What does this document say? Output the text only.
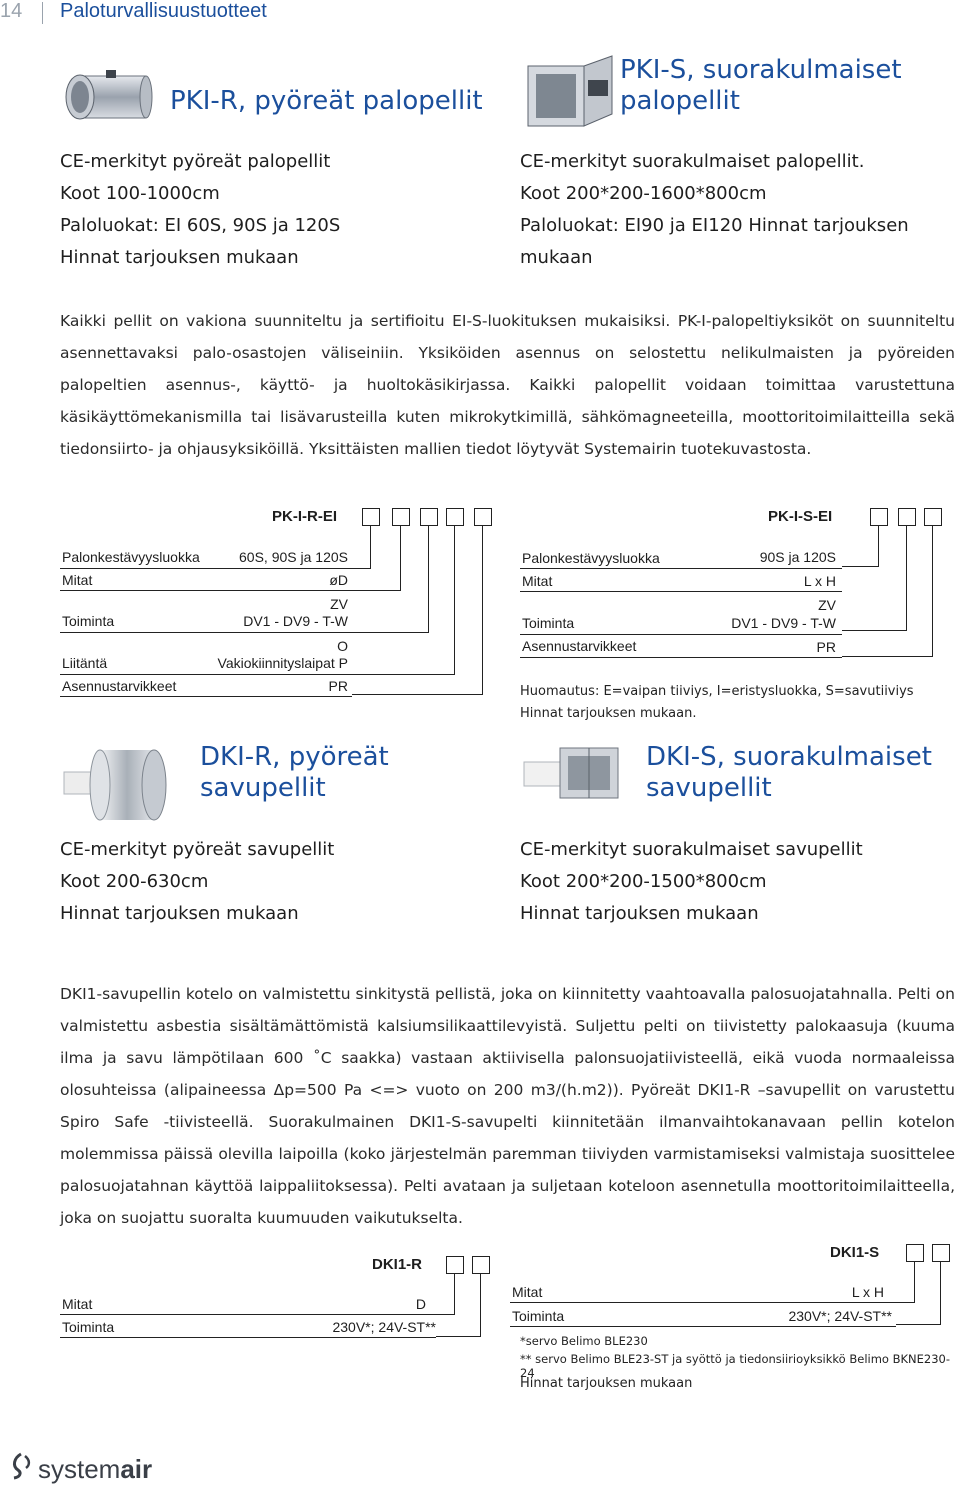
14 Paloturvallisuustuotteet
PKI-R, pyöreät palopellit
PKI-S, suorakulmaiset
palopellit
CE-merkityt pyöreät palopellit
Koot 100-1000cm
Paloluokat: EI 60S, 90S ja 120S
Hinnat tarjouksen mukaan
CE-merkityt suorakulmaiset palopellit.
Koot 200*200-1600*800cm
Paloluokat: EI90 ja EI120 Hinnat tarjouksen
mukaan

Kaikki pellit on vakiona suunniteltu ja sertifioitu EI-S-luokituksen mukaisiksi. PK-I-palopeltiyksiköt on suunniteltu asennettavaksi palo-osastojen väliseiniin. Yksiköiden asennus on selostettu nelikulmaisten ja pyöreiden palopeltien asennus-, käyttö- ja huoltokäsikirjassa. Kaikki palopellit voidaan toimittaa varustettuna käsikäyttömekanismilla tai lisävarusteilla kuten mikrokytkimillä, sähkömagneeteilla, moottoritoimilaitteilla sekä tiedonsiirto- ja ohjausyksiköillä. Yksittäisten mallien tiedot löytyvät Systemairin tuotekuvastosta.

PK-I-R-EI
Palonkestävyysluokka	60S, 90S ja 120S
Mitat	øD
ZV
Toiminta	DV1 - DV9 - T-W
O
Liitäntä	Vakiokiinnityslaipat P
Asennustarvikkeet	PR
PK-I-S-EI
Palonkestävyysluokka	90S ja 120S
Mitat	L x H
ZV
Toiminta	DV1 - DV9 - T-W
Asennustarvikkeet	PR
Huomautus: E=vaipan tiiviys, I=eristysluokka, S=savutiiviys
Hinnat tarjouksen mukaan.
DKI-R, pyöreät
savupellit
DKI-S, suorakulmaiset
savupellit
CE-merkityt pyöreät savupellit
Koot 200-630cm
Hinnat tarjouksen mukaan
CE-merkityt suorakulmaiset savupellit
Koot 200*200-1500*800cm
Hinnat tarjouksen mukaan

DKI1-savupellin kotelo on valmistettu sinkitystä pellistä, joka on kiinnitetty vaahtoavalla palosuojatahnalla. Pelti on valmistettu asbestia sisältämättömistä kalsiumsilikaattilevyistä. Suljettu pelti on tiivistetty palokaasuja (kuuma ilma ja savu lämpötilaan 600 ˚C saakka) vastaan aktiivisella palonsuojatiivisteellä, eikä vuoda normaaleissa olosuhteissa (alipaineessa Δp=500 Pa <=> vuoto on 200 m3/(h.m2)). Pyöreät DKI1-R –savupellit on varustettu Spiro Safe -tiivisteellä. Suorakulmainen DKI1-S-savupelti kiinnitetään ilmanvaihtokanavaan pellin kotelon molemmissa päissä olevilla laipoilla (koko järjestelmän paremman tiiviyden varmistamiseksi valmistaja suosittelee palosuojatahnan käyttöä laippaliitoksessa). Pelti avataan ja suljetaan koteloon asennetulla moottoritoimilaitteella, joka on suojattu suoralta kuumuuden vaikutukselta.

DKI1-R
Mitat	D
Toiminta	230V*; 24V-ST**
DKI1-S
Mitat	L x H
Toiminta	230V*; 24V-ST**
*servo Belimo BLE230
** servo Belimo BLE23-ST ja syöttö ja tiedonsiirioyksikkö Belimo BKNE230-24
Hinnat tarjouksen mukaan
systemair
